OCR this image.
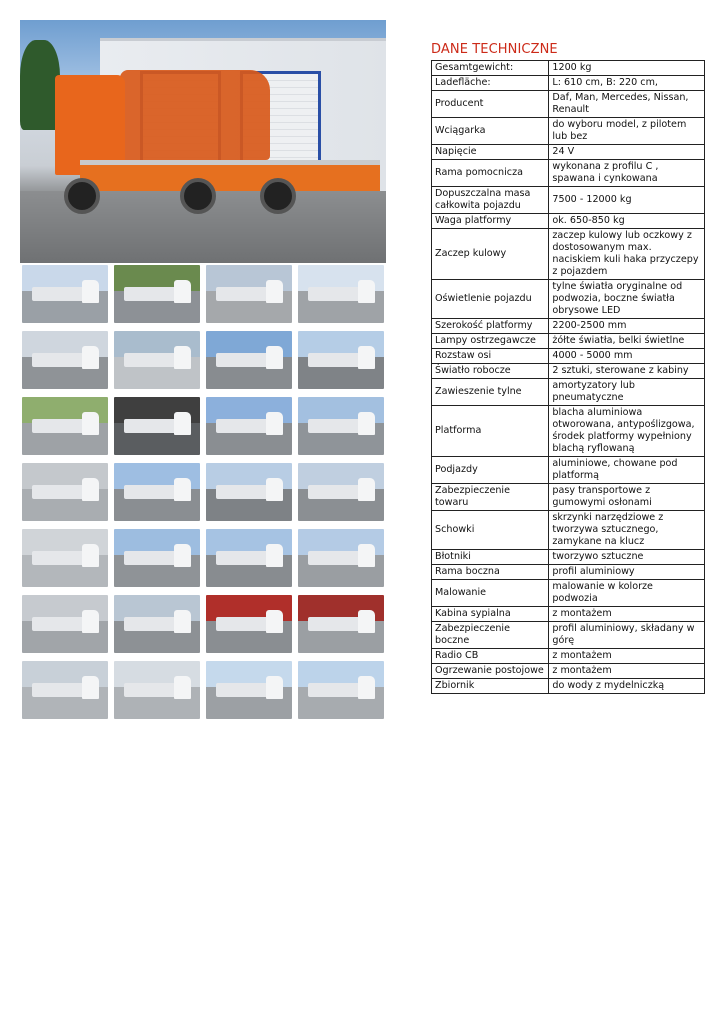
DANE TECHNICZNE
Gesamtgewicht:	1200 kg
Ladefläche:	L: 610 cm, B: 220 cm,
Producent	Daf, Man, Mercedes, Nissan, Renault
Wciągarka	do wyboru model, z pilotem lub bez
Napięcie	24 V
Rama pomocnicza	wykonana z profilu C , spawana i cynkowana
Dopuszczalna masa całkowita pojazdu	7500 - 12000 kg
Waga platformy	ok. 650-850 kg
Zaczep kulowy	zaczep kulowy lub oczkowy z dostosowanym max. naciskiem kuli haka przyczepy z pojazdem
Oświetlenie pojazdu	tylne światła oryginalne od podwozia, boczne światła obrysowe LED
Szerokość platformy	2200-2500 mm
Lampy ostrzegawcze	żółte światła, belki świetlne
Rozstaw osi	4000 - 5000 mm
Światło robocze	2 sztuki, sterowane z kabiny
Zawieszenie tylne	amortyzatory lub pneumatyczne
Platforma	blacha aluminiowa otworowana, antypoślizgowa, środek platformy wypełniony blachą ryflowaną
Podjazdy	aluminiowe, chowane pod platformą
Zabezpieczenie towaru	pasy transportowe z gumowymi osłonami
Schowki	skrzynki narzędziowe z tworzywa sztucznego, zamykane na klucz
Błotniki	tworzywo sztuczne
Rama boczna	profil aluminiowy
Malowanie	malowanie w kolorze podwozia
Kabina sypialna	z montażem
Zabezpieczenie boczne	profil aluminiowy, składany w górę
Radio CB	z montażem
Ogrzewanie postojowe	z montażem
Zbiornik	do wody z mydelniczką
